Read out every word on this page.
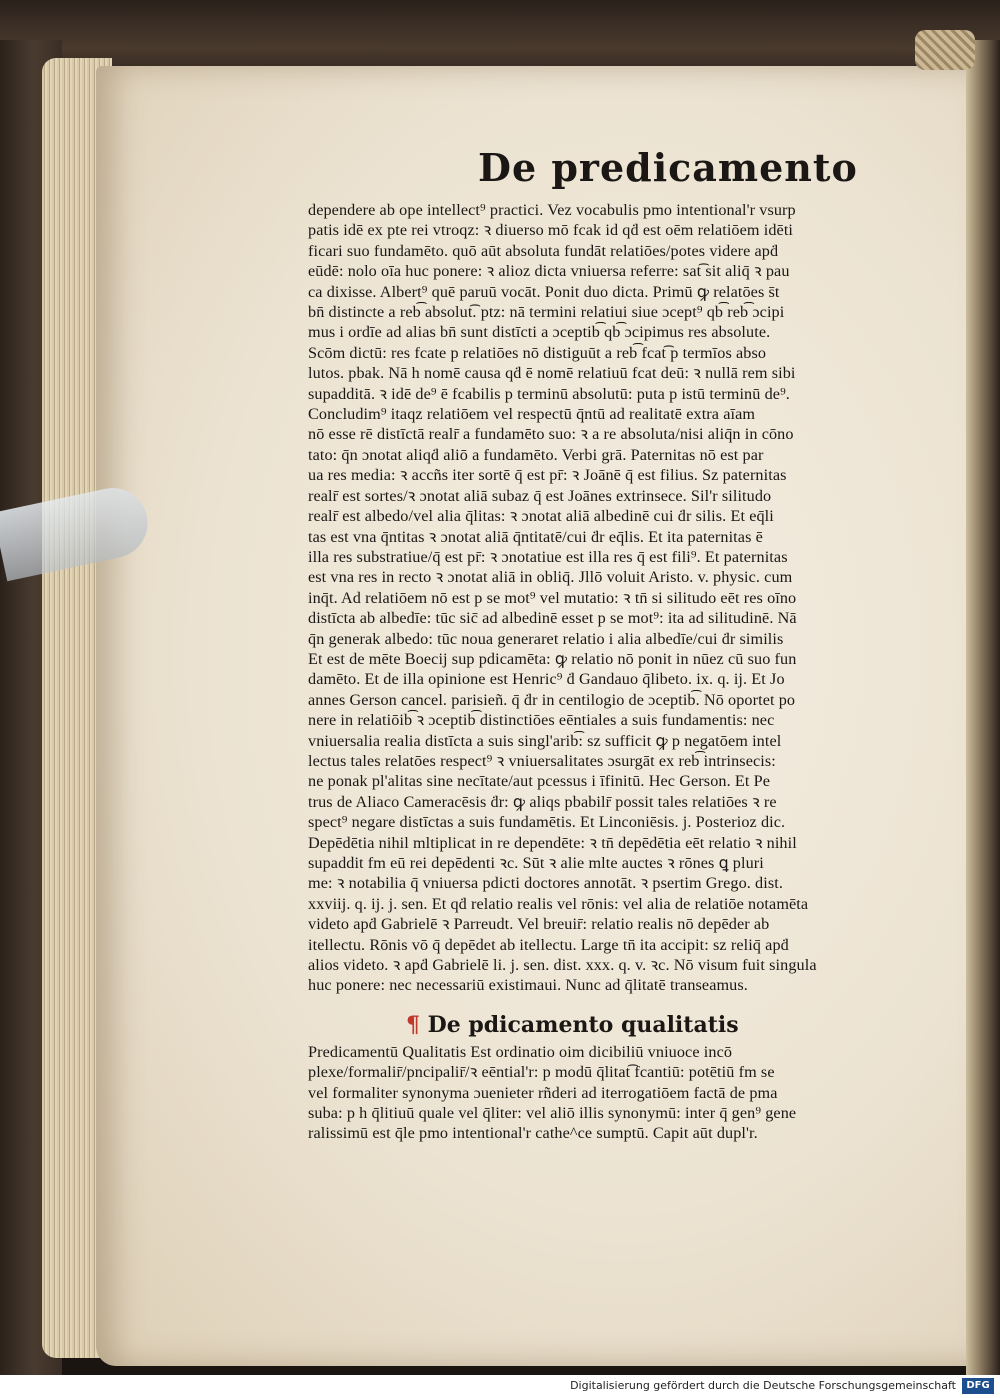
De predicamento
dependere ab ope intellect⁹ practici. Vez vocabulis pmo intentional'r vsurp
patis idē ex pte rei vtroqz: ꝛ diuerso mō fcak id qḋ est oēm relatiōem idēti
ficari suo fundamēto. quō aūt absoluta fundāt relatiōes/potes videre apḋ
eūdē: nolo oīa huc ponere: ꝛ alioz dicta vniuersa referre: sat͡ sit aliq̄ ꝛ pau
ca dixisse. Albert⁹ quē paruū vocāt. Ponit duo dicta. Primū ꝙ relatōes s̄t
bn̄ distincte a reb͡ absolut͡. ptz: nā termini relatiui siue ɔcept⁹ qb͡ reb͡ ɔcipi
mus i ordīe ad alias bn̄ sunt distīcti a ɔceptib͡ qb͡ ɔcipimus res absolute.
Scōm dictū: res fcate p relatiōes nō distiguūt a reb͡ fcat͡ p termīos abso
lutos. pbak. Nā h nomē causa qḋ ē nomē relatiuū fcat deū: ꝛ nullā rem sibi
supadditā. ꝛ idē de⁹ ē fcabilis p terminū absolutū: puta p istū terminū de⁹.
Concludim⁹ itaqz relatiōem vel respectū q̄ntū ad realitatē extra aīam
nō esse rē distīctā realr̄ a fundamēto suo: ꝛ a re absoluta/nisi aliq̄n in cōno
tato: q̄n ɔnotat aliqḋ aliō a fundamēto. Verbi grā. Paternitas nō est par
ua res media: ꝛ accñs iter sortē q̄ est pr̄: ꝛ Joānē q̄ est filius. Sz paternitas
realr̄ est sortes/ꝛ ɔnotat aliā subaz q̄ est Joānes extrinsece. Sil'r silitudo
realr̄ est albedo/vel alia q̄litas: ꝛ ɔnotat aliā albedinē cui ḋr silis. Et eq̄li
tas est vna q̄ntitas ꝛ ɔnotat aliā q̄ntitatē/cui ḋr eq̄lis. Et ita paternitas ē
illa res substratiue/q̄ est pr̄: ꝛ ɔnotatiue est illa res q̄ est fili⁹. Et paternitas
est vna res in recto ꝛ ɔnotat aliā in obliq̄. Jllō voluit Aristo. v. physic. cum
inq̄t. Ad relatiōem nō est p se mot⁹ vel mutatio: ꝛ tn̄ si silitudo eēt res oīno
distīcta ab albedīe: tūc sic̄ ad albedinē esset p se mot⁹: ita ad silitudinē. Nā
q̄n generak albedo: tūc noua generaret relatio i alia albedīe/cui ḋr similis
Et est de mēte Boecij sup pdicamēta: ꝙ relatio nō ponit in nūez cū suo fun
damēto. Et de illa opinione est Henric⁹ ḋ Gandauo q̄libeto. ix. q. ij. Et Jo
annes Gerson cancel. parisieñ. q̄ ḋr in centilogio de ɔceptib͡. Nō oportet po
nere in relatiōib͡ ꝛ ɔceptib͡ distinctiōes eēntiales a suis fundamentis: nec
vniuersalia realia distīcta a suis singl'arib͡: sz sufficit ꝙ p negatōem intel
lectus tales relatōes respect⁹ ꝛ vniuersalitates ɔsurgāt ex reb͡ intrinsecis:
ne ponak pl'alitas sine necītate/aut pcessus i īfinitū. Hec Gerson. Et Pe
trus de Aliaco Cameracēsis ḋr: ꝙ aliqs pbabilr̄ possit tales relatiōes ꝛ re
spect⁹ negare distīctas a suis fundamētis. Et Linconiēsis. j. Posterioz dic.
Depēdētia nihil mltiplicat in re dependēte: ꝛ tn̄ depēdētia eēt relatio ꝛ nihil
supaddit fm eū rei depēdenti ꝛc. Sūt ꝛ alie mlte auctes ꝛ rōnes ꝗ pluri
me: ꝛ notabilia q̄ vniuersa pdicti doctores annotāt. ꝛ psertim Grego. dist.
xxviij. q. ij. j. sen. Et qḋ relatio realis vel rōnis: vel alia de relatiōe notamēta
videto apḋ Gabrielē ꝛ Parreudt. Vel breuir̄: relatio realis nō depēder ab
itellectu. Rōnis vō q̄ depēdet ab itellectu. Large tn̄ ita accipit: sz reliq̄ apḋ
alios videto. ꝛ apḋ Gabrielē li. j. sen. dist. xxx. q. v. ꝛc. Nō visum fuit singula
huc ponere: nec necessariū existimaui. Nunc ad q̄litatē transeamus.
¶ De pdicamento qualitatis
Predicamentū Qualitatis Est ordinatio oim dicibiliū vniuoce incō
plexe/formalir̄/pncipalir̄/ꝛ eēntial'r: p modū q̄litat͡ fcantiū: potētiū fm se
vel formaliter synonyma ɔuenieter rñderi ad iterrogatiōem factā de pma
suba: p h q̄litiuū quale vel q̄liter: vel aliō illis synonymū: inter q̄ gen⁹ gene
ralissimū est q̄le pmo intentional'r cathe^ce sumptū. Capit aūt dupl'r.
Digitalisierung gefördert durch die Deutsche Forschungsgemeinschaft	DFG
